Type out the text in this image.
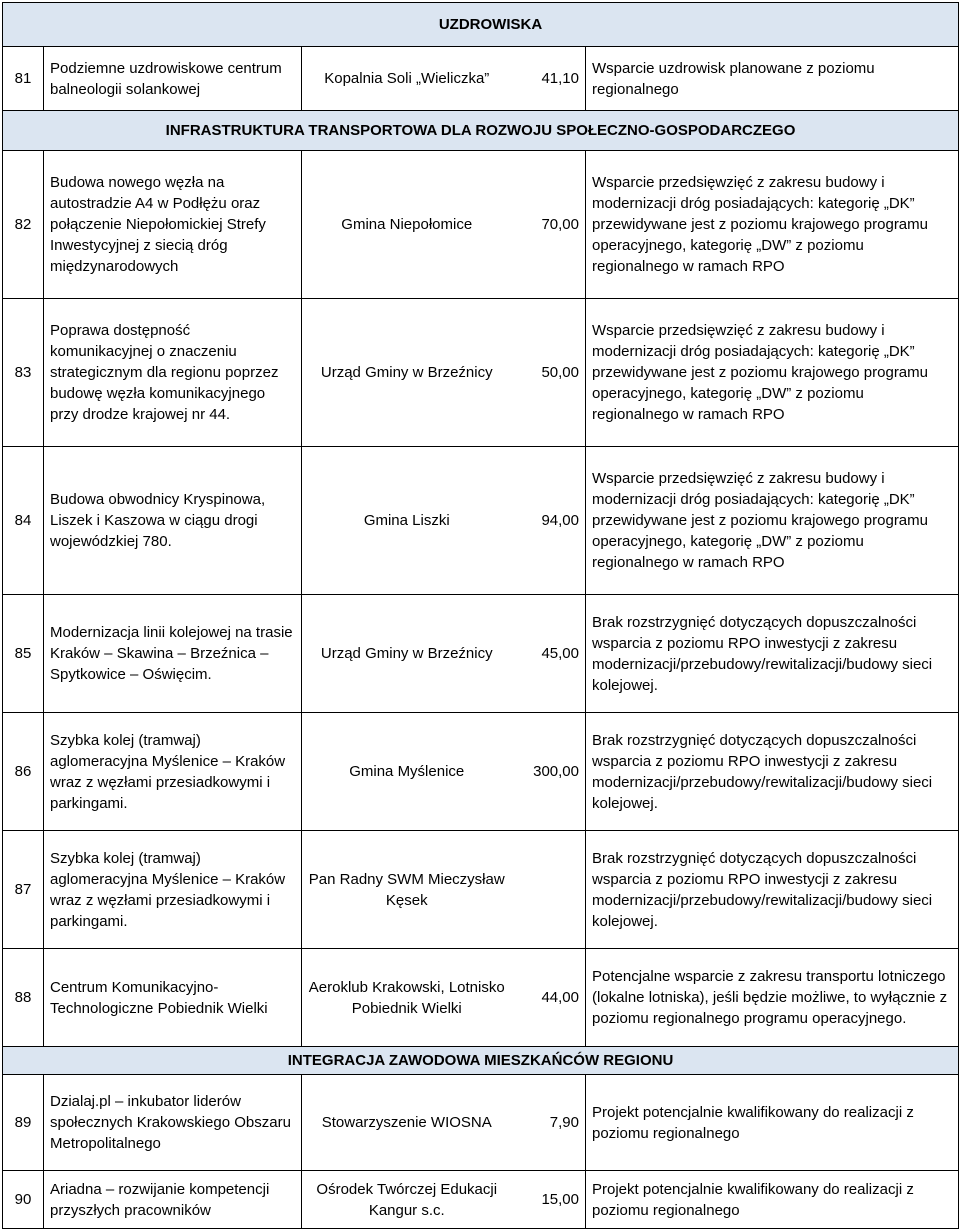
UZDROWISKA				
81	Podziemne uzdrowiskowe centrum balneologii solankowej	Kopalnia Soli „Wieliczka”	41,10	Wsparcie uzdrowisk planowane z poziomu regionalnego
INFRASTRUKTURA TRANSPORTOWA DLA ROZWOJU SPOŁECZNO-GOSPODARCZEGO				
82	Budowa nowego węzła na autostradzie A4 w Podłężu oraz połączenie Niepołomickiej Strefy Inwestycyjnej z siecią dróg międzynarodowych	Gmina Niepołomice	70,00	Wsparcie przedsięwzięć z zakresu budowy i modernizacji dróg posiadających: kategorię „DK” przewidywane jest z poziomu krajowego programu operacyjnego, kategorię „DW” z poziomu regionalnego w ramach RPO
83	Poprawa dostępność komunikacyjnej o znaczeniu strategicznym dla regionu poprzez budowę węzła komunikacyjnego przy drodze krajowej nr 44.	Urząd Gminy w Brzeźnicy	50,00	Wsparcie przedsięwzięć z zakresu budowy i modernizacji dróg posiadających: kategorię „DK” przewidywane jest z poziomu krajowego programu operacyjnego, kategorię „DW” z poziomu regionalnego w ramach RPO
84	Budowa obwodnicy Kryspinowa, Liszek i Kaszowa w ciągu drogi wojewódzkiej 780.	Gmina Liszki	94,00	Wsparcie przedsięwzięć z zakresu budowy i modernizacji dróg posiadających: kategorię „DK” przewidywane jest z poziomu krajowego programu operacyjnego, kategorię „DW” z poziomu regionalnego w ramach RPO
85	Modernizacja linii kolejowej na trasie Kraków – Skawina – Brzeźnica – Spytkowice – Oświęcim.	Urząd Gminy w Brzeźnicy	45,00	Brak rozstrzygnięć dotyczących dopuszczalności wsparcia z poziomu RPO inwestycji z zakresu modernizacji/przebudowy/rewitalizacji/budowy sieci kolejowej.
86	Szybka kolej (tramwaj) aglomeracyjna Myślenice – Kraków wraz z węzłami przesiadkowymi i parkingami.	Gmina Myślenice	300,00	Brak rozstrzygnięć dotyczących dopuszczalności wsparcia z poziomu RPO inwestycji z zakresu modernizacji/przebudowy/rewitalizacji/budowy sieci kolejowej.
87	Szybka kolej (tramwaj) aglomeracyjna Myślenice – Kraków wraz z węzłami przesiadkowymi i parkingami.	Pan Radny SWM Mieczysław Kęsek		Brak rozstrzygnięć dotyczących dopuszczalności wsparcia z poziomu RPO inwestycji z zakresu modernizacji/przebudowy/rewitalizacji/budowy sieci kolejowej.
88	Centrum Komunikacyjno-Technologiczne Pobiednik Wielki	Aeroklub Krakowski, Lotnisko Pobiednik Wielki	44,00	Potencjalne wsparcie z zakresu transportu lotniczego (lokalne lotniska), jeśli będzie możliwe, to wyłącznie z poziomu regionalnego programu operacyjnego.
INTEGRACJA ZAWODOWA MIESZKAŃCÓW REGIONU				
89	Dzialaj.pl – inkubator liderów społecznych Krakowskiego Obszaru Metropolitalnego	Stowarzyszenie WIOSNA	7,90	Projekt potencjalnie kwalifikowany do realizacji z poziomu regionalnego
90	Ariadna – rozwijanie kompetencji przyszłych pracowników	Ośrodek Twórczej Edukacji Kangur s.c.	15,00	Projekt potencjalnie kwalifikowany do realizacji z poziomu regionalnego
